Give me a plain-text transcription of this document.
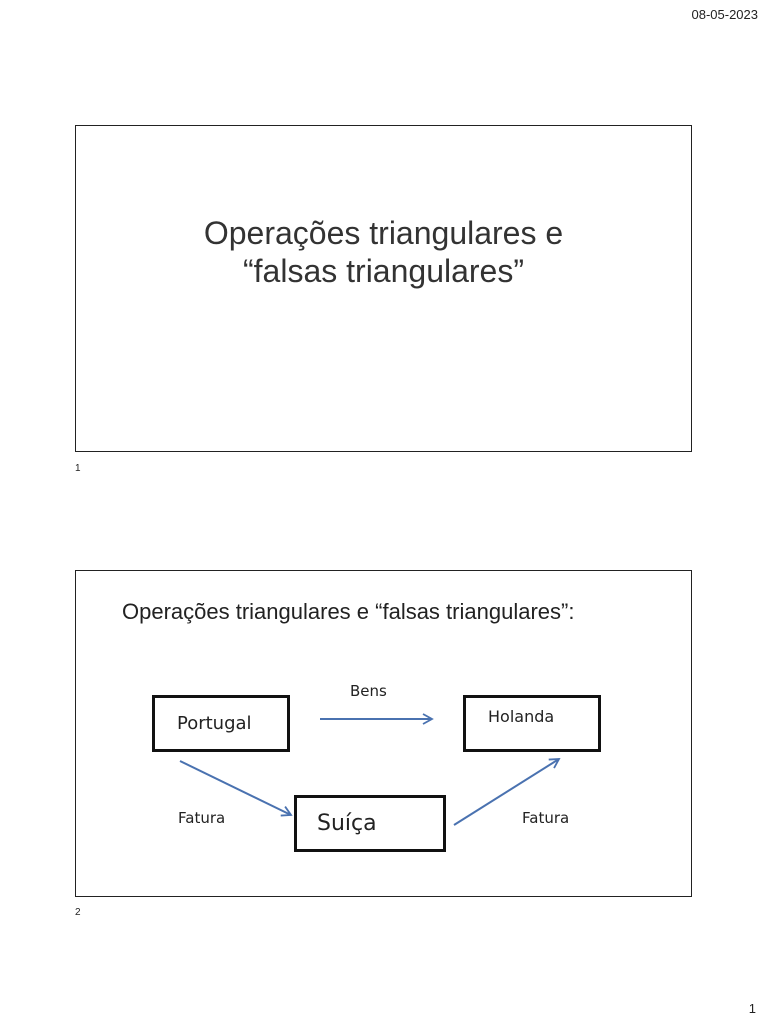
08-05-2023
Operações triangulares e
“falsas triangulares”
1
Operações triangulares e “falsas triangulares”:
Portugal	Holanda
Suíça
Bens
Fatura	Fatura
2
1
